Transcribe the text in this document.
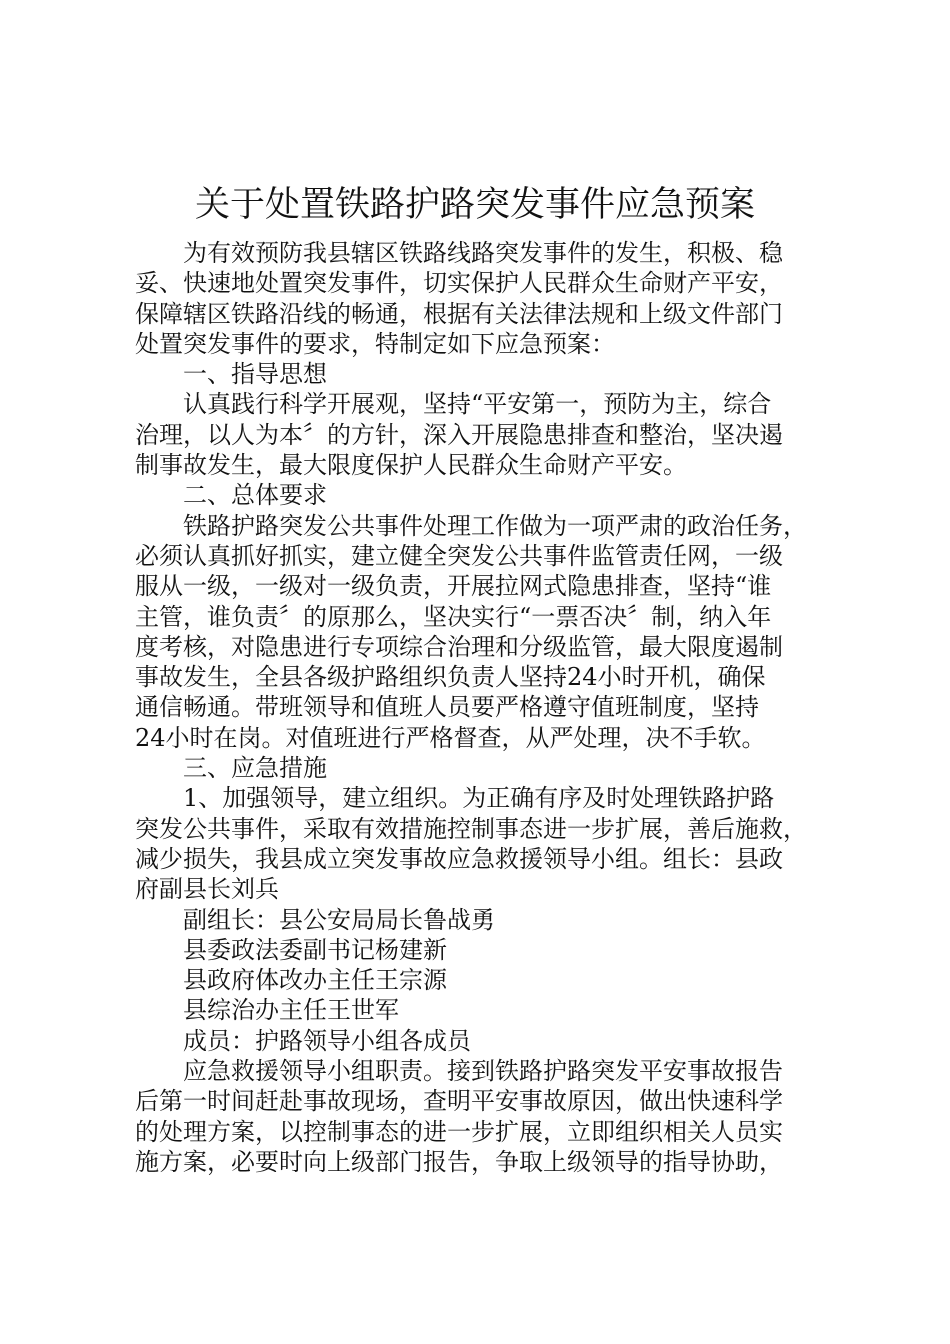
关于处置铁路护路突发事件应急预案

为有效预防我县辖区铁路线路突发事件的发生，积极、稳

妥、快速地处置突发事件，切实保护人民群众生命财产平安，

保障辖区铁路沿线的畅通，根据有关法律法规和上级文件部门

处置突发事件的要求，特制定如下应急预案：

一、指导思想

认真践行科学开展观，坚持“平安第一，预防为主，综合

治理，以人为本〞的方针，深入开展隐患排查和整治，坚决遏

制事故发生，最大限度保护人民群众生命财产平安。

二、总体要求

铁路护路突发公共事件处理工作做为一项严肃的政治任务，

必须认真抓好抓实，建立健全突发公共事件监管责任网，一级

服从一级，一级对一级负责，开展拉网式隐患排查，坚持“谁

主管，谁负责〞的原那么，坚决实行“一票否决〞制，纳入年

度考核，对隐患进行专项综合治理和分级监管，最大限度遏制

事故发生，全县各级护路组织负责人坚持24小时开机，确保

通信畅通。带班领导和值班人员要严格遵守值班制度，坚持

24小时在岗。对值班进行严格督查，从严处理，决不手软。

三、应急措施

1、加强领导，建立组织。为正确有序及时处理铁路护路

突发公共事件，采取有效措施控制事态进一步扩展，善后施救，

减少损失，我县成立突发事故应急救援领导小组。组长：县政

府副县长刘兵

副组长：县公安局局长鲁战勇

县委政法委副书记杨建新

县政府体改办主任王宗源

县综治办主任王世军

成员：护路领导小组各成员

应急救援领导小组职责。接到铁路护路突发平安事故报告

后第一时间赶赴事故现场，查明平安事故原因，做出快速科学

的处理方案，以控制事态的进一步扩展，立即组织相关人员实

施方案，必要时向上级部门报告，争取上级领导的指导协助，
